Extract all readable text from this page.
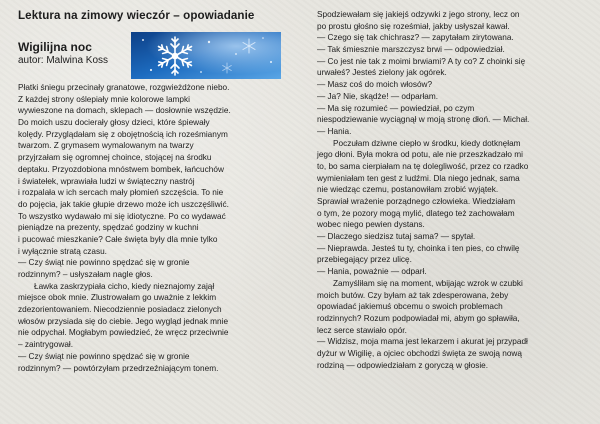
Lektura na zimowy wieczór – opowiadanie
Wigilijna noc
autor: Malwina Koss
Płatki śniegu przecinały granatowe, rozgwieżdżone niebo.
Z każdej strony oślepiały mnie kolorowe lampki
wywieszone na domach, sklepach — dosłownie wszędzie.
Do moich uszu docierały głosy dzieci, które śpiewały
kolędy. Przyglądałam się z obojętnością ich roześmianym
twarzom. Z grymasem wymalowanym na twarzy
przyjrzałam się ogromnej choince, stojącej na środku
deptaku. Przyozdobiona mnóstwem bombek, łańcuchów
i światełek, wprawiała ludzi w świąteczny nastrój
i rozpalała w ich sercach mały płomień szczęścia. To nie
do pojęcia, jak takie głupie drzewo może ich uszczęśliwić.
To wszystko wydawało mi się idiotyczne. Po co wydawać
pieniądze na prezenty, spędzać godziny w kuchni
i pucować mieszkanie? Całe święta były dla mnie tylko
i wyłącznie stratą czasu.
— Czy świąt nie powinno spędzać się w gronie
rodzinnym? – usłyszałam nagle głos.
Ławka zaskrzypiała cicho, kiedy nieznajomy zajął
miejsce obok mnie. Zlustrowałam go uważnie z lekkim
zdezorientowaniem. Niecodziennie posiadacz zielonych
włosów przysiada się do ciebie. Jego wygląd jednak mnie
nie odpychał. Mogłabym powiedzieć, że wręcz przeciwnie
– zaintrygował.
— Czy świąt nie powinno spędzać się w gronie
rodzinnym? — powtórzyłam przedrzeźniającym tonem.
Spodziewałam się jakiejś odzywki z jego strony, lecz on
po prostu głośno się roześmiał, jakby usłyszał kawał.
— Czego się tak chichrasz? — zapytałam zirytowana.
— Tak śmiesznie marszczysz brwi — odpowiedział.
— Co jest nie tak z moimi brwiami? A ty co? Z choinki się
urwałeś? Jesteś zielony jak ogórek.
— Masz coś do moich włosów?
— Ja? Nie, skądże! — odparłam.
— Ma się rozumieć — powiedział, po czym
niespodziewanie wyciągnął w moją stronę dłoń. — Michał.
— Hania.
Poczułam dziwne ciepło w środku, kiedy dotknęłam
jego dłoni. Była mokra od potu, ale nie przeszkadzało mi
to, bo sama cierpiałam na tę dolegliwość, przez co rzadko
wymieniałam ten gest z ludźmi. Dla niego jednak, sama
nie wiedząc czemu, postanowiłam zrobić wyjątek.
Sprawiał wrażenie porządnego człowieka. Wiedziałam
o tym, że pozory mogą mylić, dlatego też zachowałam
wobec niego pewien dystans.
— Dlaczego siedzisz tutaj sama? — spytał.
— Nieprawda. Jesteś tu ty, choinka i ten pies, co chwilę
przebiegający przez ulicę.
— Hania, poważnie — odparł.
Zamyśliłam się na moment, wbijając wzrok w czubki
moich butów. Czy byłam aż tak zdesperowana, żeby
opowiadać jakiemuś obcemu o swoich problemach
rodzinnych? Rozum podpowiadał mi, abym go spławiła,
lecz serce stawiało opór.
— Widzisz, moja mama jest lekarzem i akurat jej przypadł
dyżur w Wigilię, a ojciec obchodzi święta ze swoją nową
rodziną — odpowiedziałam z goryczą w głosie.
